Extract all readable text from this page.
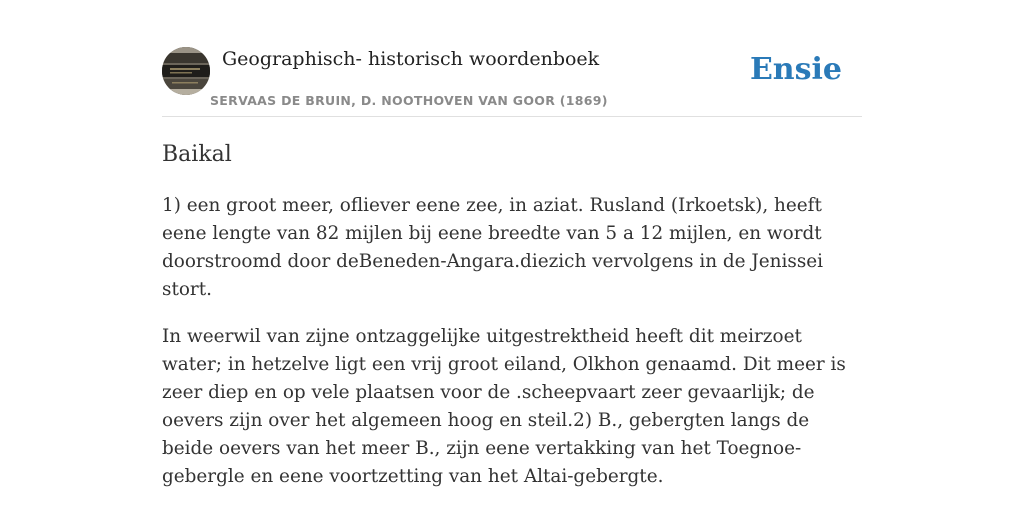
Geographisch- historisch woordenboek
SERVAAS DE BRUIN, D. NOOTHOVEN VAN GOOR (1869)
Ensie
Baikal

1) een groot meer, ofliever eene zee, in aziat. Rusland (Irkoetsk), heeft eene lengte van 82 mijlen bij eene breedte van 5 a 12 mijlen, en wordt doorstroomd door deBeneden-Angara.diezich vervolgens in de Jenissei stort.

In weerwil van zijne ontzaggelijke uitgestrektheid heeft dit meirzoet water; in hetzelve ligt een vrij groot eiland, Olkhon genaamd. Dit meer is zeer diep en op vele plaatsen voor de .scheepvaart zeer gevaarlijk; de oevers zijn over het algemeen hoog en steil.2) B., gebergten langs de beide oevers van het meer B., zijn eene vertakking van het Toegnoe-gebergle en eene voortzetting van het Altai-gebergte.
